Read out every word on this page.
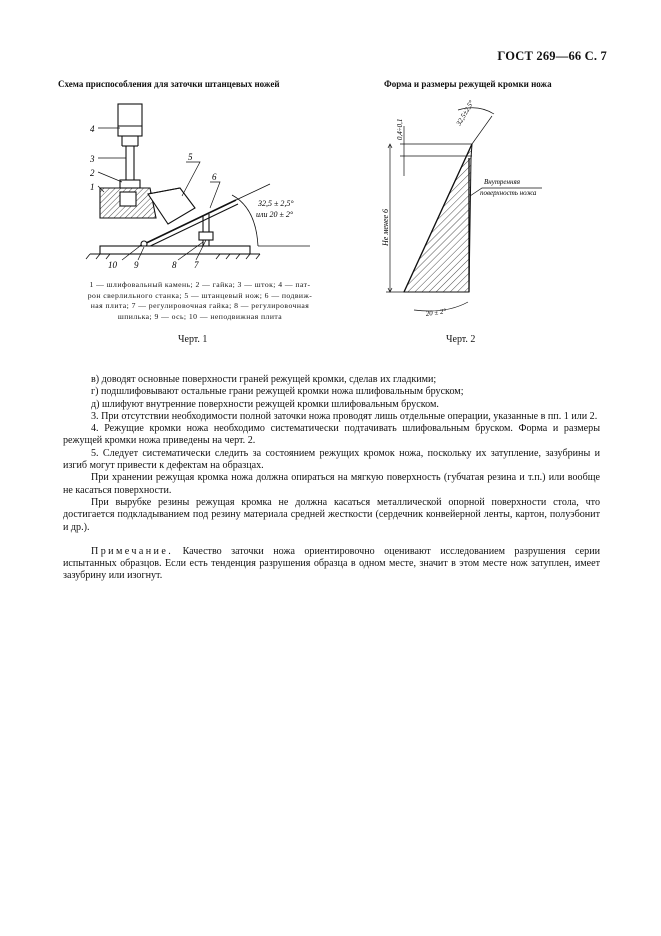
ГОСТ 269—66 С. 7
Схема приспособления для заточки штанцевых ножей	Форма и размеры режущей кромки ножа
4
3
2
1
5
6
10 9	8 7
32,5 ± 2,5°
или 20 ± 2°
0,4÷0,1
32,5±2,5°
Не менее 6
Внутренняя
поверхность ножа
20 ± 2°
1 — шлифовальный камень; 2 — гайка; 3 — шток; 4 — пат-
рон сверлильного станка; 5 — штанцевый нож; 6 — подвиж-
ная плита; 7 — регулировочная гайка; 8 — регулировочная
шпилька; 9 — ось; 10 — неподвижная плита
Черт. 1	Черт. 2

в) доводят основные поверхности граней режущей кромки, сделав их гладкими;

г) подшлифовывают остальные грани режущей кромки ножа шлифовальным бруском;

д) шлифуют внутренние поверхности режущей кромки шлифовальным бруском.

3. При отсутствии необходимости полной заточки ножа проводят лишь отдельные операции, указанные в пп. 1 или 2.

4. Режущие кромки ножа необходимо систематически подтачивать шлифовальным бруском. Форма и размеры режущей кромки ножа приведены на черт. 2.

5. Следует систематически следить за состоянием режущих кромок ножа, поскольку их затупление, зазубрины и изгиб могут привести к дефектам на образцах.

При хранении режущая кромка ножа должна опираться на мягкую поверхность (губчатая резина и т.п.) или вообще не касаться поверхности.

При вырубке резины режущая кромка не должна касаться металлической опорной поверхности стола, что достигается подкладыванием под резину материала средней жесткости (сердечник конвейерной ленты, картон, полуэбонит и др.).

Примечание. Качество заточки ножа ориентировочно оценивают исследованием разрушения серии испытанных образцов. Если есть тенденция разрушения образца в одном месте, значит в этом месте нож затуплен, имеет зазубрину или изогнут.
